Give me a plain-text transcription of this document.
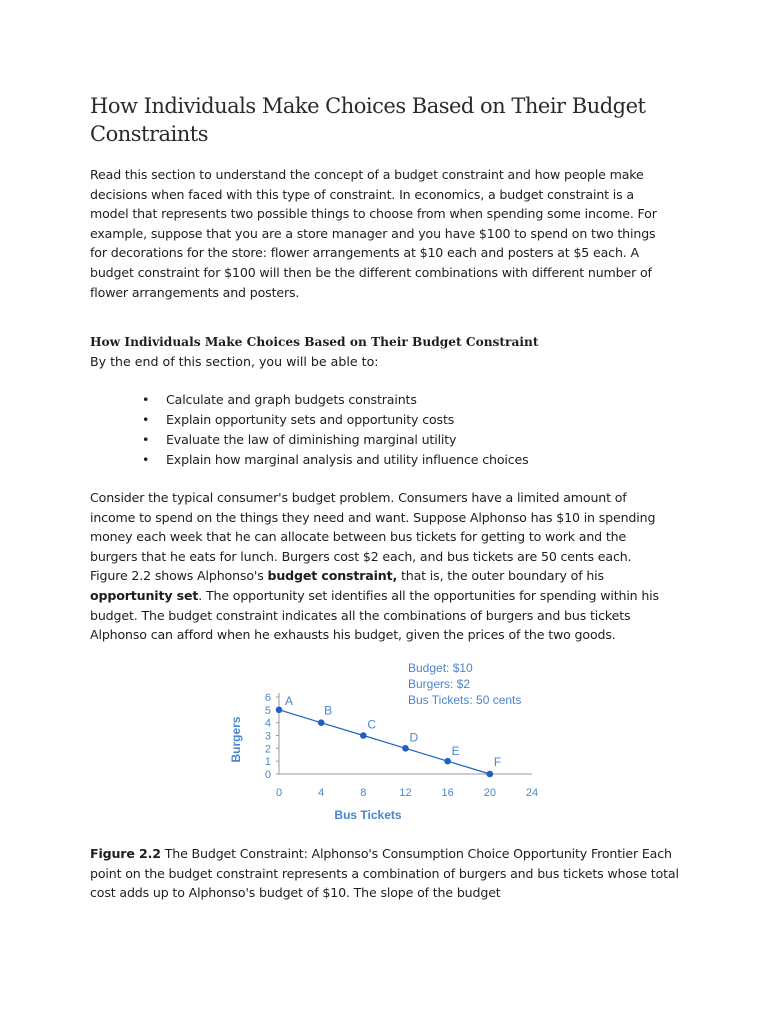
How Individuals Make Choices Based on Their Budget Constraints

Read this section to understand the concept of a budget constraint and how people make decisions when faced with this type of constraint. In economics, a budget constraint is a model that represents two possible things to choose from when spending some income. For example, suppose that you are a store manager and you have $100 to spend on two things for decorations for the store: flower arrangements at $10 each and posters at $5 each. A budget constraint for $100 will then be the different combinations with different number of flower arrangements and posters.

How Individuals Make Choices Based on Their Budget Constraint

By the end of this section, you will be able to:

• Calculate and graph budgets constraints
• Explain opportunity sets and opportunity costs
• Evaluate the law of diminishing marginal utility
• Explain how marginal analysis and utility influence choices

Consider the typical consumer's budget problem. Consumers have a limited amount of income to spend on the things they need and want. Suppose Alphonso has $10 in spending money each week that he can allocate between bus tickets for getting to work and the burgers that he eats for lunch. Burgers cost $2 each, and bus tickets are 50 cents each. Figure 2.2 shows Alphonso's budget constraint, that is, the outer boundary of his opportunity set. The opportunity set identifies all the opportunities for spending within his budget. The budget constraint indicates all the combinations of burgers and bus tickets Alphonso can afford when he exhausts his budget, given the prices of the two goods.

Figure 2.2 The Budget Constraint: Alphonso's Consumption Choice Opportunity Frontier Each point on the budget constraint represents a combination of burgers and bus tickets whose total cost adds up to Alphonso's budget of $10. The slope of the budget

0
1
2
3
4
5
6
0	4	8	12	16	20	24
Bus Tickets
Burgers
A
B
C
D
E
F
Budget: $10
Burgers: $2
Bus Tickets: 50 cents
